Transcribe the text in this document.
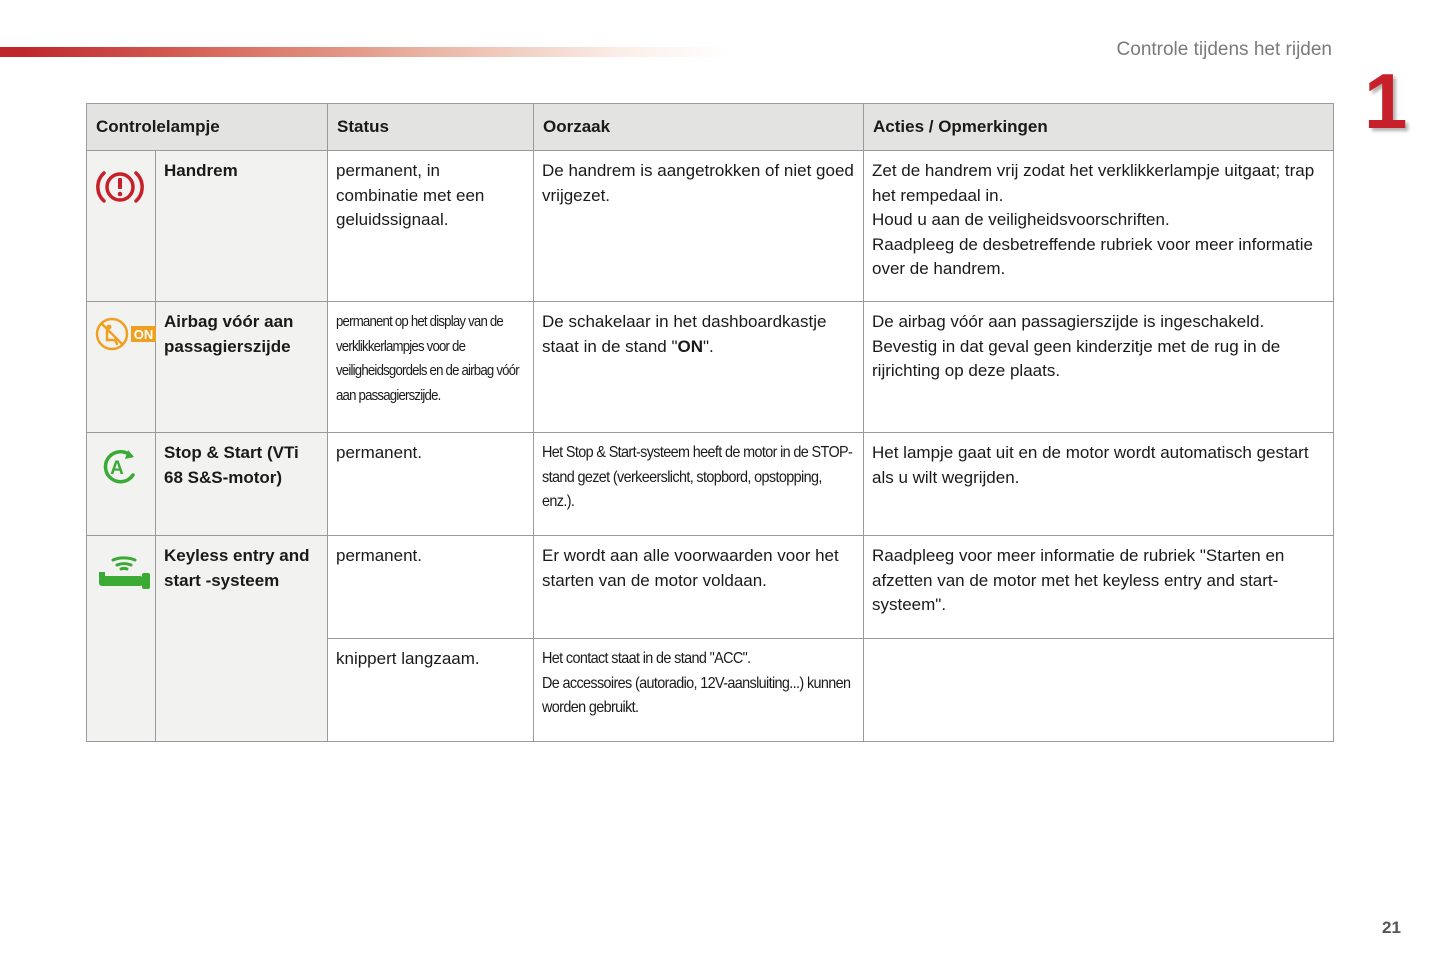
Controle tijdens het rijden
1
Controlelampje		Status	Oorzaak	Acties / Opmerkingen
	Handrem	permanent, in combinatie met een geluidssignaal.	De handrem is aangetrokken of niet goed vrijgezet.	Zet de handrem vrij zodat het verklikkerlampje uitgaat; trap het rempedaal in.
Houd u aan de veiligheidsvoorschriften.
Raadpleeg de desbetreffende rubriek voor meer informatie over de handrem.

ON	Airbag vóór aan passagierszijde	permanent op het display van de verklikkerlampjes voor de veiligheidsgordels en de airbag vóór aan passagierszijde.	De schakelaar in het dashboardkastje staat in de stand "ON".	De airbag vóór aan passagierszijde is ingeschakeld.
Bevestig in dat geval geen kinderzitje met de rug in de rijrichting op deze plaats.

A	Stop & Start (VTi 68 S&S-motor)	permanent.	Het Stop & Start-systeem heeft de motor in de STOP-stand gezet (verkeerslicht, stopbord, opstopping, enz.).	Het lampje gaat uit en de motor wordt automatisch gestart als u wilt wegrijden.
	Keyless entry and start -systeem	permanent.	Er wordt aan alle voorwaarden voor het starten van de motor voldaan.	Raadpleeg voor meer informatie de rubriek "Starten en afzetten van de motor met het keyless entry and start-systeem".
		knippert langzaam.	Het contact staat in de stand "ACC".
De accessoires (autoradio, 12V-aansluiting...) kunnen worden gebruikt.	

21
